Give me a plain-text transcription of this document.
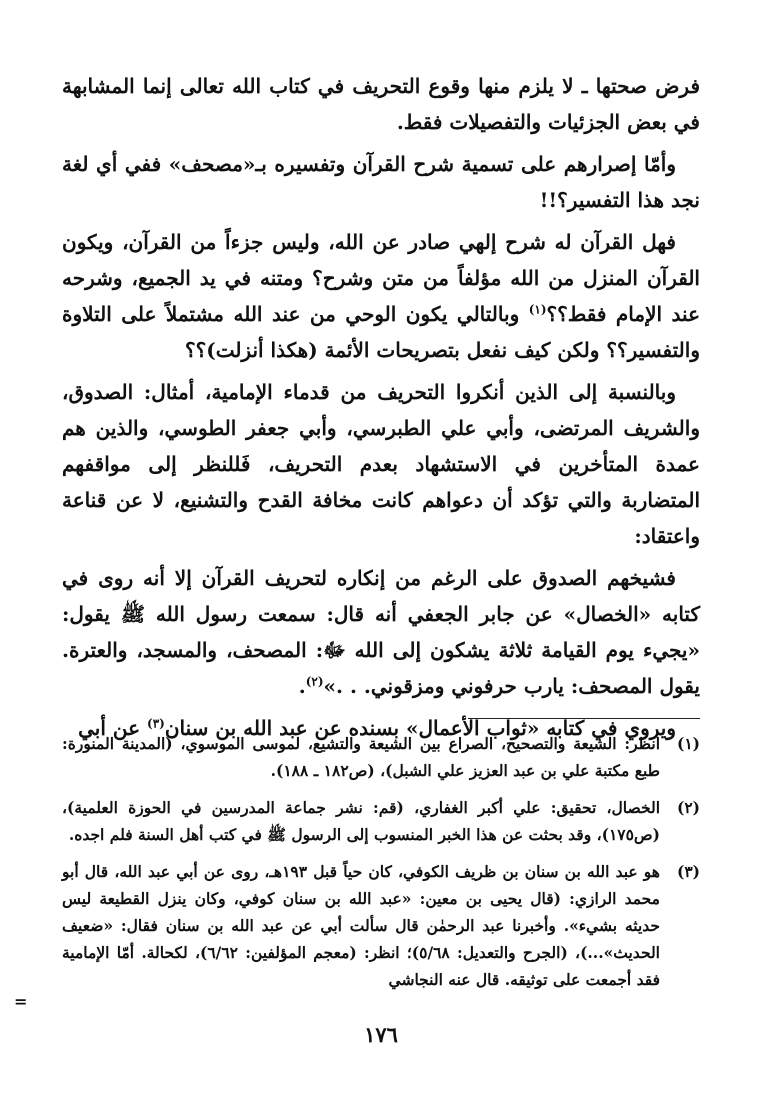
فرض صحتها ـ لا يلزم منها وقوع التحريف في كتاب الله تعالى إنما المشابهة في بعض الجزئيات والتفصيلات فقط.

وأمّا إصرارهم على تسمية شرح القرآن وتفسيره بـ«مصحف» ففي أي لغة نجد هذا التفسير؟!!

فهل القرآن له شرح إلهي صادر عن الله، وليس جزءاً من القرآن، ويكون القرآن المنزل من الله مؤلفاً من متن وشرح؟ ومتنه في يد الجميع، وشرحه عند الإمام فقط؟؟$^{(١)}$ وبالتالي يكون الوحي من عند الله مشتملاً على التلاوة والتفسير؟؟ ولكن كيف نفعل بتصريحات الأئمة (هكذا أنزلت)؟؟

وبالنسبة إلى الذين أنكروا التحريف من قدماء الإمامية، أمثال: الصدوق، والشريف المرتضى، وأبي علي الطبرسي، وأبي جعفر الطوسي، والذين هم عمدة المتأخرين في الاستشهاد بعدم التحريف، فَللنظر إلى مواقفهم المتضاربة والتي تؤكد أن دعواهم كانت مخافة القدح والتشنيع، لا عن قناعة واعتقاد:

فشيخهم الصدوق على الرغم من إنكاره لتحريف القرآن إلا أنه روى في كتابه «الخصال» عن جابر الجعفي أنه قال: سمعت رسول الله ﷺ يقول: «يجيء يوم القيامة ثلاثة يشكون إلى الله ﷻ: المصحف، والمسجد، والعترة. يقول المصحف: يارب حرفوني ومزقوني. . .»$^{(٢)}$.

ويروي في كتابه «ثواب الأعمال» بسنده عن عبد الله بن سنان$^{(٣)}$ عن أبي

(١)
انظر: الشيعة والتصحيح، الصراع بين الشيعة والتشيع، لموسى الموسوي، (المدينة المنورة: طبع مكتبة علي بن عبد العزيز علي الشبل)، (ص١٨٢ ـ ١٨٨).
(٢)
الخصال، تحقيق: علي أكبر الغفاري، (قم: نشر جماعة المدرسين في الحوزة العلمية)، (ص١٧٥)، وقد بحثت عن هذا الخبر المنسوب إلى الرسول ﷺ في كتب أهل السنة فلم اجده.
(٣)
هو عبد الله بن سنان بن ظريف الكوفي، كان حياً قبل ١٩٣هـ، روى عن أبي عبد الله، قال أبو محمد الرازي: (قال يحيى بن معين: «عبد الله بن سنان كوفي، وكان ينزل القطيعة ليس حديثه بشيء». وأخبرنا عبد الرحمٰن قال سألت أبي عن عبد الله بن سنان فقال: «ضعيف الحديث»...)، (الجرح والتعديل: ٥/٦٨)؛ انظر: (معجم المؤلفين: ٦/٦٢)، لكحالة. أمّا الإمامية فقد أجمعت على توثيقه. قال عنه النجاشي
=
١٧٦
